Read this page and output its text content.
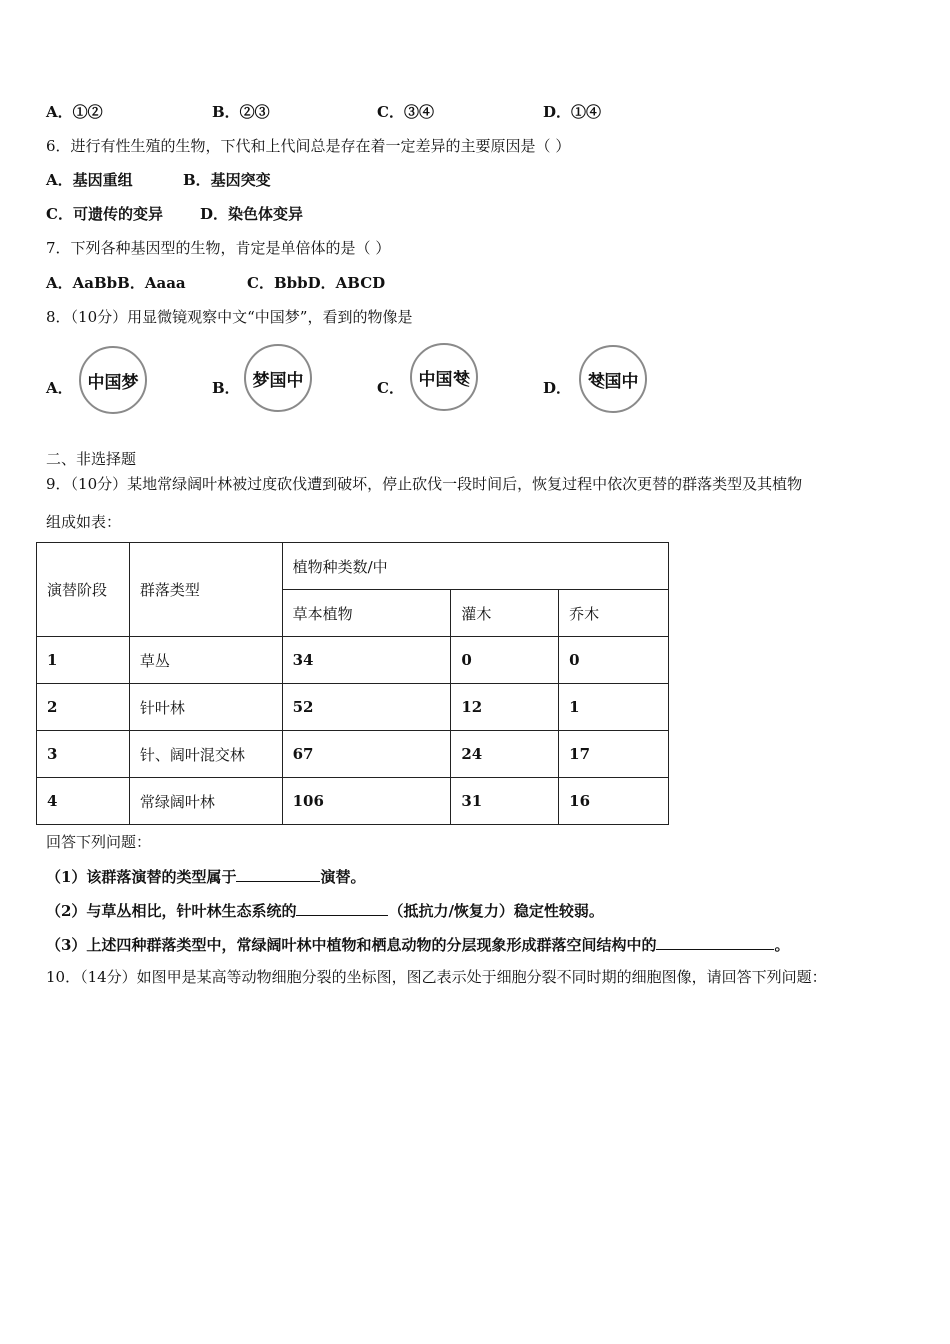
A．①②	B．②③	C．③④	D．①④
6．进行有性生殖的生物，下代和上代间总是存在着一定差异的主要原因是（ ）
A．基因重组	B．基因突变
C．可遗传的变异 D．染色体变异
7．下列各种基因型的生物，肯定是单倍体的是（ ）
A．AaBbB．Aaaa	C．BbbD．ABCD
8．（10分）用显微镜观察中文“中国梦”，看到的物像是
A． 中国梦	B． 梦国中	C． 中国 梦	D． 梦 国中
二、非选择题
9．（10分）某地常绿阔叶林被过度砍伐遭到破坏，停止砍伐一段时间后，恢复过程中依次更替的群落类型及其植物
组成如表：
演替阶段	群落类型	植物种类数/中		
		草本植物	灌木	乔木
1	草丛	34	0	0
2	针叶林	52	12	1
3	针、阔叶混交林	67	24	17
4	常绿阔叶林	106	31	16
回答下列问题：
（1）该群落演替的类型属于	演替。
（2）与草丛相比，针叶林生态系统的	（抵抗力/恢复力）稳定性较弱。
（3）上述四种群落类型中，常绿阔叶林中植物和栖息动物的分层现象形成群落空间结构中的	。
10．（14分）如图甲是某高等动物细胞分裂的坐标图，图乙表示处于细胞分裂不同时期的细胞图像，请回答下列问题：
